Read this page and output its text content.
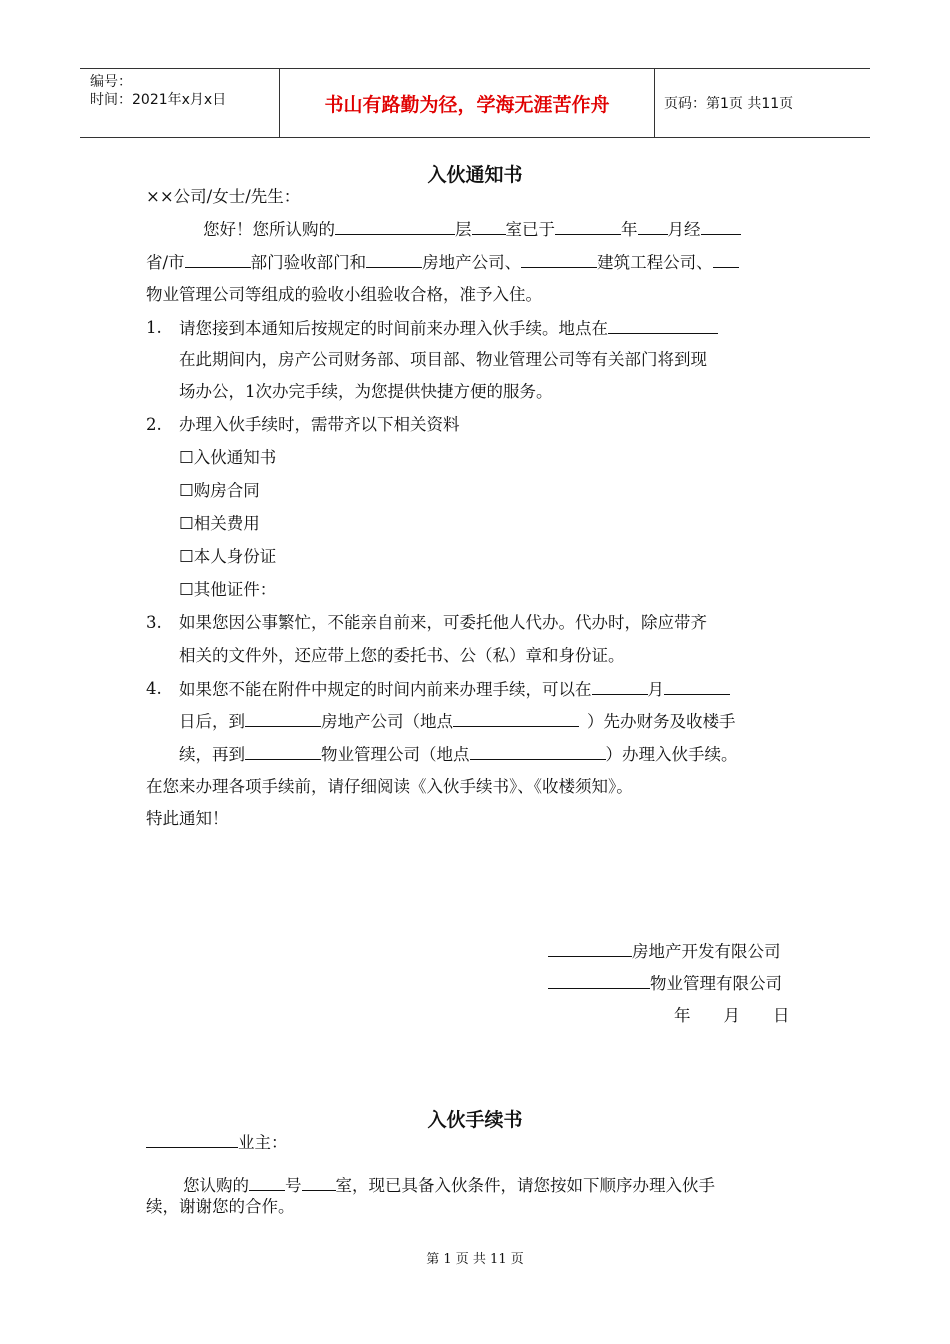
编号：
时间：2021年x月x日	书山有路勤为径，学海无涯苦作舟	页码：第1页 共11页
入伙通知书
××公司/女士/先生：
您好！您所认购的	层 室已于	年 月经
省/市	部门验收部门和	房地产公司、	建筑工程公司、
物业管理公司等组成的验收小组验收合格，准予入住。
1. 请您接到本通知后按规定的时间前来办理入伙手续。地点在
在此期间内，房产公司财务部、项目部、物业管理公司等有关部门将到现
场办公，1次办完手续，为您提供快捷方便的服务。
2. 办理入伙手续时，需带齐以下相关资料
☐入伙通知书
☐购房合同
☐相关费用
☐本人身份证
☐其他证件：
3. 如果您因公事繁忙，不能亲自前来，可委托他人代办。代办时，除应带齐
相关的文件外，还应带上您的委托书、公（私）章和身份证。
4. 如果您不能在附件中规定的时间内前来办理手续，可以在	月
日后，到	房地产公司（地点	）先办财务及收楼手
续，再到	物业管理公司（地点	）办理入伙手续。
在您来办理各项手续前，请仔细阅读《入伙手续书》、《收楼须知》。
特此通知！
房地产开发有限公司
物业管理有限公司
年　　月　　日
入伙手续书
业主：
您认购的 号 室，现已具备入伙条件，请您按如下顺序办理入伙手
续，谢谢您的合作。
第 1 页 共 11 页
